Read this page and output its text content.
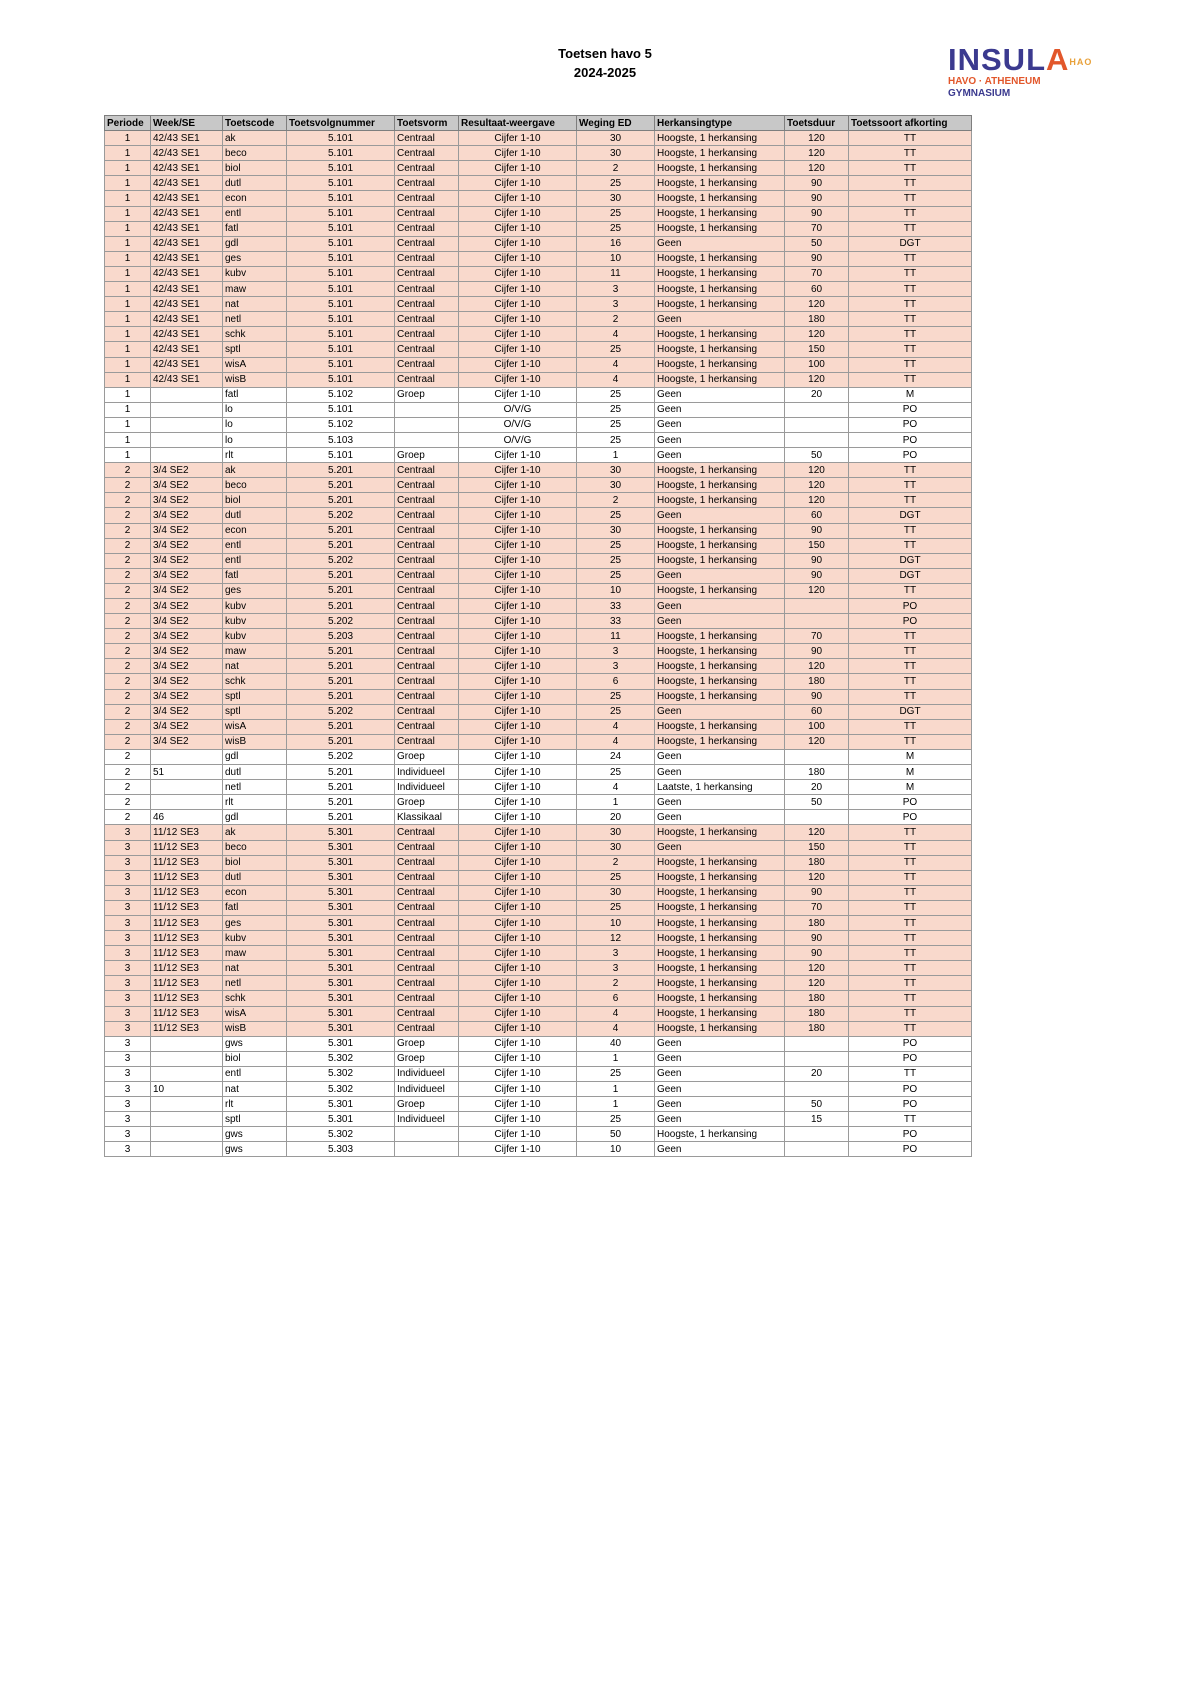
Toetsen havo 5
2024-2025	$INSULA^{HAO}$
HAVO · ATHENEUM
GYMNASIUM
Periode	Week/SE	Toetscode	Toetsvolgnummer	Toetsvorm	Resultaat-weergave	Weging ED	Herkansingtype	Toetsduur	Toetssoort afkorting
1	42/43 SE1	ak	5.101	Centraal	Cijfer 1-10	30	Hoogste, 1 herkansing	120	TT
1	42/43 SE1	beco	5.101	Centraal	Cijfer 1-10	30	Hoogste, 1 herkansing	120	TT
1	42/43 SE1	biol	5.101	Centraal	Cijfer 1-10	2	Hoogste, 1 herkansing	120	TT
1	42/43 SE1	dutl	5.101	Centraal	Cijfer 1-10	25	Hoogste, 1 herkansing	90	TT
1	42/43 SE1	econ	5.101	Centraal	Cijfer 1-10	30	Hoogste, 1 herkansing	90	TT
1	42/43 SE1	entl	5.101	Centraal	Cijfer 1-10	25	Hoogste, 1 herkansing	90	TT
1	42/43 SE1	fatl	5.101	Centraal	Cijfer 1-10	25	Hoogste, 1 herkansing	70	TT
1	42/43 SE1	gdl	5.101	Centraal	Cijfer 1-10	16	Geen	50	DGT
1	42/43 SE1	ges	5.101	Centraal	Cijfer 1-10	10	Hoogste, 1 herkansing	90	TT
1	42/43 SE1	kubv	5.101	Centraal	Cijfer 1-10	11	Hoogste, 1 herkansing	70	TT
1	42/43 SE1	maw	5.101	Centraal	Cijfer 1-10	3	Hoogste, 1 herkansing	60	TT
1	42/43 SE1	nat	5.101	Centraal	Cijfer 1-10	3	Hoogste, 1 herkansing	120	TT
1	42/43 SE1	netl	5.101	Centraal	Cijfer 1-10	2	Geen	180	TT
1	42/43 SE1	schk	5.101	Centraal	Cijfer 1-10	4	Hoogste, 1 herkansing	120	TT
1	42/43 SE1	sptl	5.101	Centraal	Cijfer 1-10	25	Hoogste, 1 herkansing	150	TT
1	42/43 SE1	wisA	5.101	Centraal	Cijfer 1-10	4	Hoogste, 1 herkansing	100	TT
1	42/43 SE1	wisB	5.101	Centraal	Cijfer 1-10	4	Hoogste, 1 herkansing	120	TT
1		fatl	5.102	Groep	Cijfer 1-10	25	Geen	20	M
1		lo	5.101		O/V/G	25	Geen		PO
1		lo	5.102		O/V/G	25	Geen		PO
1		lo	5.103		O/V/G	25	Geen		PO
1		rlt	5.101	Groep	Cijfer 1-10	1	Geen	50	PO
2	3/4 SE2	ak	5.201	Centraal	Cijfer 1-10	30	Hoogste, 1 herkansing	120	TT
2	3/4 SE2	beco	5.201	Centraal	Cijfer 1-10	30	Hoogste, 1 herkansing	120	TT
2	3/4 SE2	biol	5.201	Centraal	Cijfer 1-10	2	Hoogste, 1 herkansing	120	TT
2	3/4 SE2	dutl	5.202	Centraal	Cijfer 1-10	25	Geen	60	DGT
2	3/4 SE2	econ	5.201	Centraal	Cijfer 1-10	30	Hoogste, 1 herkansing	90	TT
2	3/4 SE2	entl	5.201	Centraal	Cijfer 1-10	25	Hoogste, 1 herkansing	150	TT
2	3/4 SE2	entl	5.202	Centraal	Cijfer 1-10	25	Hoogste, 1 herkansing	90	DGT
2	3/4 SE2	fatl	5.201	Centraal	Cijfer 1-10	25	Geen	90	DGT
2	3/4 SE2	ges	5.201	Centraal	Cijfer 1-10	10	Hoogste, 1 herkansing	120	TT
2	3/4 SE2	kubv	5.201	Centraal	Cijfer 1-10	33	Geen		PO
2	3/4 SE2	kubv	5.202	Centraal	Cijfer 1-10	33	Geen		PO
2	3/4 SE2	kubv	5.203	Centraal	Cijfer 1-10	11	Hoogste, 1 herkansing	70	TT
2	3/4 SE2	maw	5.201	Centraal	Cijfer 1-10	3	Hoogste, 1 herkansing	90	TT
2	3/4 SE2	nat	5.201	Centraal	Cijfer 1-10	3	Hoogste, 1 herkansing	120	TT
2	3/4 SE2	schk	5.201	Centraal	Cijfer 1-10	6	Hoogste, 1 herkansing	180	TT
2	3/4 SE2	sptl	5.201	Centraal	Cijfer 1-10	25	Hoogste, 1 herkansing	90	TT
2	3/4 SE2	sptl	5.202	Centraal	Cijfer 1-10	25	Geen	60	DGT
2	3/4 SE2	wisA	5.201	Centraal	Cijfer 1-10	4	Hoogste, 1 herkansing	100	TT
2	3/4 SE2	wisB	5.201	Centraal	Cijfer 1-10	4	Hoogste, 1 herkansing	120	TT
2		gdl	5.202	Groep	Cijfer 1-10	24	Geen		M
2	51	dutl	5.201	Individueel	Cijfer 1-10	25	Geen	180	M
2		netl	5.201	Individueel	Cijfer 1-10	4	Laatste, 1 herkansing	20	M
2		rlt	5.201	Groep	Cijfer 1-10	1	Geen	50	PO
2	46	gdl	5.201	Klassikaal	Cijfer 1-10	20	Geen		PO
3	11/12 SE3	ak	5.301	Centraal	Cijfer 1-10	30	Hoogste, 1 herkansing	120	TT
3	11/12 SE3	beco	5.301	Centraal	Cijfer 1-10	30	Geen	150	TT
3	11/12 SE3	biol	5.301	Centraal	Cijfer 1-10	2	Hoogste, 1 herkansing	180	TT
3	11/12 SE3	dutl	5.301	Centraal	Cijfer 1-10	25	Hoogste, 1 herkansing	120	TT
3	11/12 SE3	econ	5.301	Centraal	Cijfer 1-10	30	Hoogste, 1 herkansing	90	TT
3	11/12 SE3	fatl	5.301	Centraal	Cijfer 1-10	25	Hoogste, 1 herkansing	70	TT
3	11/12 SE3	ges	5.301	Centraal	Cijfer 1-10	10	Hoogste, 1 herkansing	180	TT
3	11/12 SE3	kubv	5.301	Centraal	Cijfer 1-10	12	Hoogste, 1 herkansing	90	TT
3	11/12 SE3	maw	5.301	Centraal	Cijfer 1-10	3	Hoogste, 1 herkansing	90	TT
3	11/12 SE3	nat	5.301	Centraal	Cijfer 1-10	3	Hoogste, 1 herkansing	120	TT
3	11/12 SE3	netl	5.301	Centraal	Cijfer 1-10	2	Hoogste, 1 herkansing	120	TT
3	11/12 SE3	schk	5.301	Centraal	Cijfer 1-10	6	Hoogste, 1 herkansing	180	TT
3	11/12 SE3	wisA	5.301	Centraal	Cijfer 1-10	4	Hoogste, 1 herkansing	180	TT
3	11/12 SE3	wisB	5.301	Centraal	Cijfer 1-10	4	Hoogste, 1 herkansing	180	TT
3		gws	5.301	Groep	Cijfer 1-10	40	Geen		PO
3		biol	5.302	Groep	Cijfer 1-10	1	Geen		PO
3		entl	5.302	Individueel	Cijfer 1-10	25	Geen	20	TT
3	10	nat	5.302	Individueel	Cijfer 1-10	1	Geen		PO
3		rlt	5.301	Groep	Cijfer 1-10	1	Geen	50	PO
3		sptl	5.301	Individueel	Cijfer 1-10	25	Geen	15	TT
3		gws	5.302		Cijfer 1-10	50	Hoogste, 1 herkansing		PO
3		gws	5.303		Cijfer 1-10	10	Geen		PO
